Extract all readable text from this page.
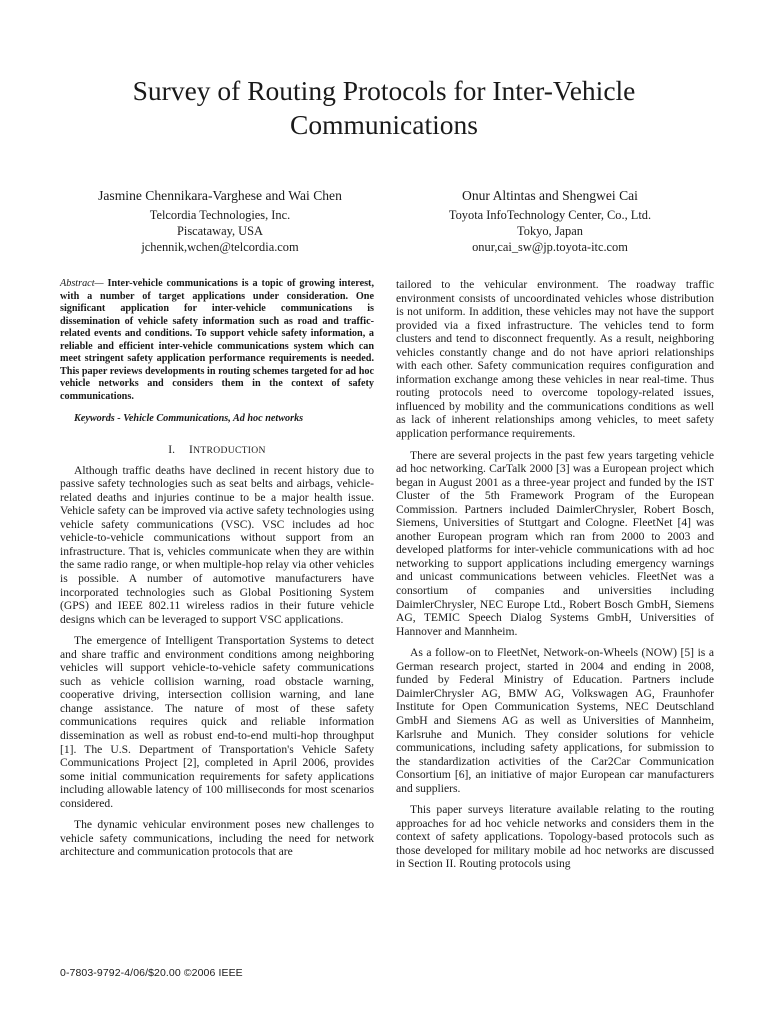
Survey of Routing Protocols for Inter-Vehicle Communications
Jasmine Chennikara-Varghese and Wai Chen
Telcordia Technologies, Inc.
Piscataway, USA
jchennik,wchen@telcordia.com
Onur Altintas and Shengwei Cai
Toyota InfoTechnology Center, Co., Ltd.
Tokyo, Japan
onur,cai_sw@jp.toyota-itc.com

Abstract— Inter-vehicle communications is a topic of growing interest, with a number of target applications under consideration. One significant application for inter-vehicle communications is dissemination of vehicle safety information such as road and traffic-related events and conditions. To support vehicle safety information, a reliable and efficient inter-vehicle communications system which can meet stringent safety application performance requirements is needed. This paper reviews developments in routing schemes targeted for ad hoc vehicle networks and considers them in the context of safety communications.

Keywords - Vehicle Communications, Ad hoc networks

I. INTRODUCTION

Although traffic deaths have declined in recent history due to passive safety technologies such as seat belts and airbags, vehicle-related deaths and injuries continue to be a major health issue. Vehicle safety can be improved via active safety technologies using vehicle safety communications (VSC). VSC includes ad hoc vehicle-to-vehicle communications without support from an infrastructure. That is, vehicles communicate when they are within the same radio range, or when multiple-hop relay via other vehicles is possible. A number of automotive manufacturers have incorporated technologies such as Global Positioning System (GPS) and IEEE 802.11 wireless radios in their future vehicle designs which can be leveraged to support VSC applications.

The emergence of Intelligent Transportation Systems to detect and share traffic and environment conditions among neighboring vehicles will support vehicle-to-vehicle safety communications such as vehicle collision warning, road obstacle warning, cooperative driving, intersection collision warning, and lane change assistance. The nature of most of these safety communications requires quick and reliable information dissemination as well as robust end-to-end multi-hop throughput [1]. The U.S. Department of Transportation's Vehicle Safety Communications Project [2], completed in April 2006, provides some initial communication requirements for safety applications including allowable latency of 100 milliseconds for most scenarios considered.

The dynamic vehicular environment poses new challenges to vehicle safety communications, including the need for network architecture and communication protocols that are

tailored to the vehicular environment. The roadway traffic environment consists of uncoordinated vehicles whose distribution is not uniform. In addition, these vehicles may not have the support provided via a fixed infrastructure. The vehicles tend to form clusters and tend to disconnect frequently. As a result, neighboring vehicles constantly change and do not have apriori relationships with each other. Safety communication requires configuration and information exchange among these vehicles in near real-time. Thus routing protocols need to overcome topology-related issues, influenced by mobility and the communications conditions as well as lack of inherent relationships among vehicles, to meet safety application performance requirements.

There are several projects in the past few years targeting vehicle ad hoc networking. CarTalk 2000 [3] was a European project which began in August 2001 as a three-year project and funded by the IST Cluster of the 5th Framework Program of the European Commission. Partners included DaimlerChrysler, Robert Bosch, Siemens, Universities of Stuttgart and Cologne. FleetNet [4] was another European program which ran from 2000 to 2003 and developed platforms for inter-vehicle communications with ad hoc networking to support applications including emergency warnings and unicast communications between vehicles. FleetNet was a consortium of companies and universities including DaimlerChrysler, NEC Europe Ltd., Robert Bosch GmbH, Siemens AG, TEMIC Speech Dialog Systems GmbH, Universities of Hannover and Mannheim.

As a follow-on to FleetNet, Network-on-Wheels (NOW) [5] is a German research project, started in 2004 and ending in 2008, funded by Federal Ministry of Education. Partners include DaimlerChrysler AG, BMW AG, Volkswagen AG, Fraunhofer Institute for Open Communication Systems, NEC Deutschland GmbH and Siemens AG as well as Universities of Mannheim, Karlsruhe and Munich. They consider solutions for vehicle communications, including safety applications, for submission to the standardization activities of the Car2Car Communication Consortium [6], an initiative of major European car manufacturers and suppliers.

This paper surveys literature available relating to the routing approaches for ad hoc vehicle networks and considers them in the context of safety applications. Topology-based protocols such as those developed for military mobile ad hoc networks are discussed in Section II. Routing protocols using

0-7803-9792-4/06/$20.00 ©2006 IEEE
